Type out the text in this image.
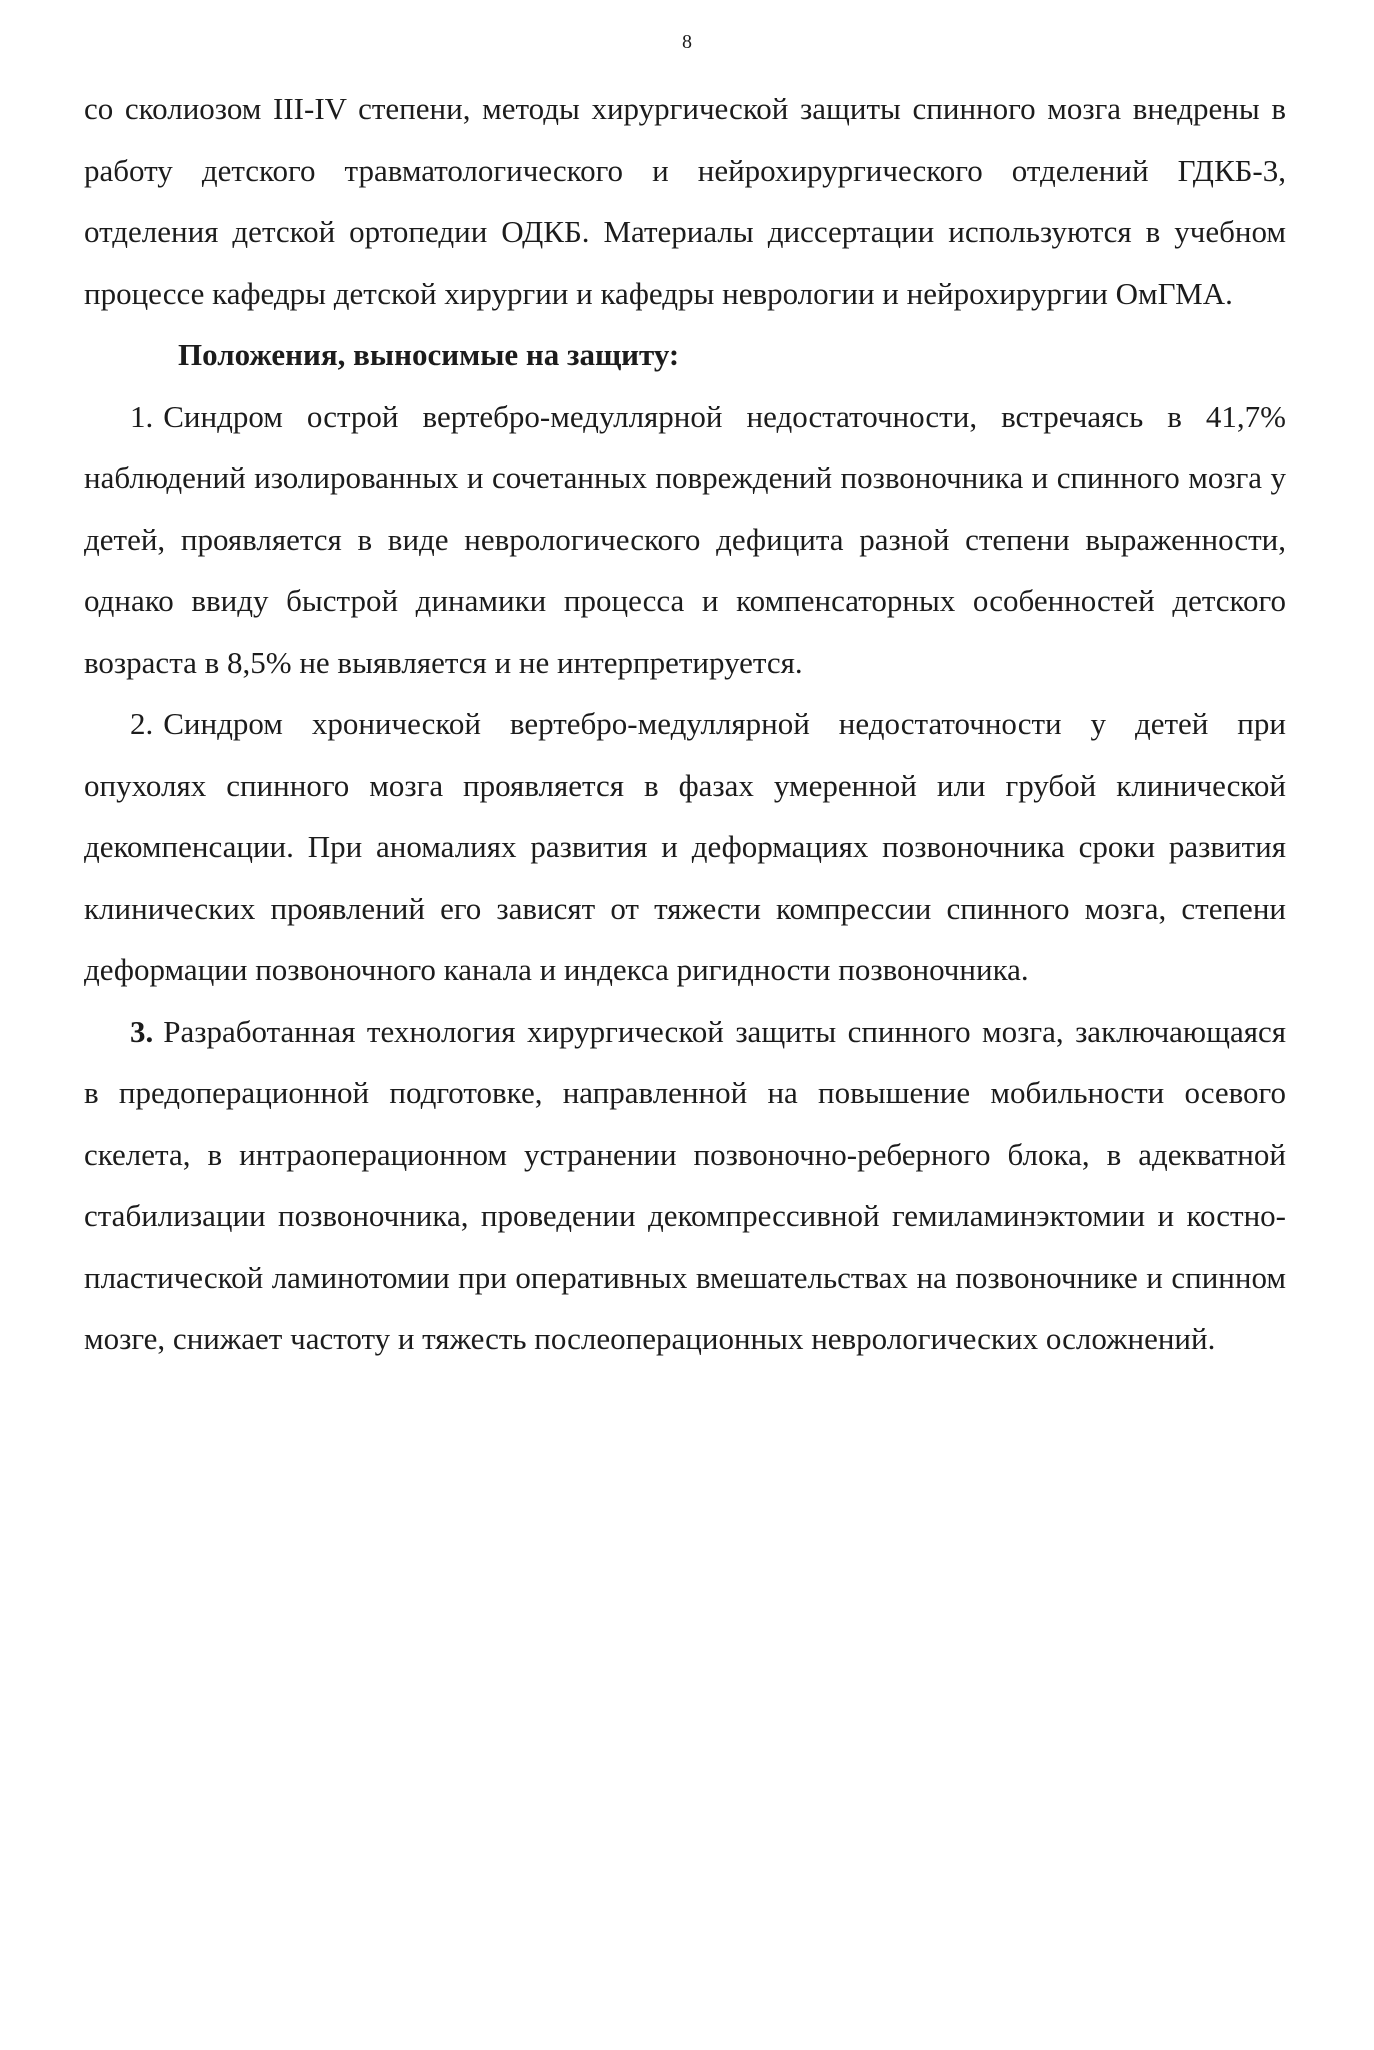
8

со сколиозом III-IV степени, методы хирургической защиты спинного мозга внедрены в работу детского травматологического и нейрохирургического отделений ГДКБ-3, отделения детской ортопедии ОДКБ. Материалы диссертации используются в учебном процессе кафедры детской хирургии и кафедры неврологии и нейрохирургии ОмГМА.

Положения, выносимые на защиту:

1. Синдром острой вертебро-медуллярной недостаточности, встречаясь в 41,7% наблюдений изолированных и сочетанных повреждений позвоночника и спинного мозга у детей, проявляется в виде неврологического дефицита разной степени выраженности, однако ввиду быстрой динамики процесса и компенсаторных особенностей детского возраста в 8,5% не выявляется и не интерпретируется.

2. Синдром хронической вертебро-медуллярной недостаточности у детей при опухолях спинного мозга проявляется в фазах умеренной или грубой клинической декомпенсации. При аномалиях развития и деформациях позвоночника сроки развития клинических проявлений его зависят от тяжести компрессии спинного мозга, степени деформации позвоночного канала и индекса ригидности позвоночника.

3. Разработанная технология хирургической защиты спинного мозга, заключающаяся в предоперационной подготовке, направленной на повышение мобильности осевого скелета, в интраоперационном устранении позвоночно-реберного блока, в адекватной стабилизации позвоночника, проведении декомпрессивной гемиламинэктомии и костно-пластической ламинотомии при оперативных вмешательствах на позвоночнике и спинном мозге, снижает частоту и тяжесть послеоперационных неврологических осложнений.
